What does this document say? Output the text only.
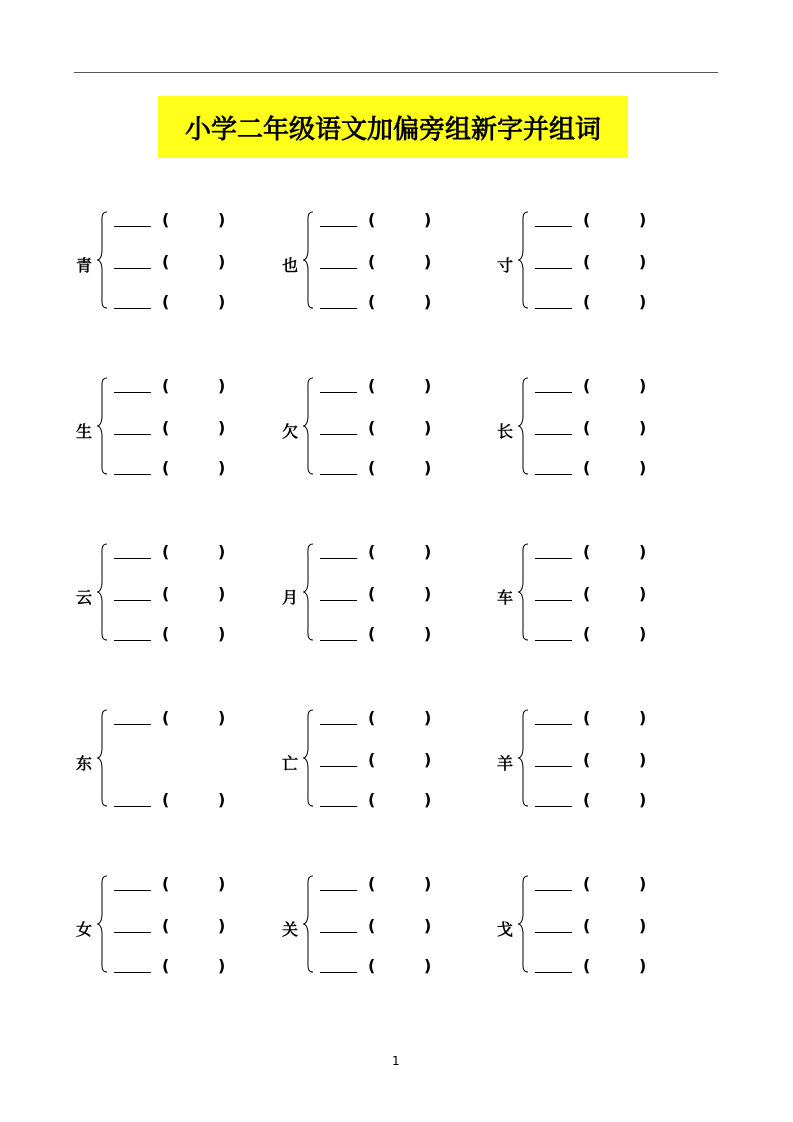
小学二年级语文加偏旁组新字并组词
青
(	)
(	)
(	)
也
(	)
(	)
(	)
寸
(	)
(	)
(	)
生
(	)
(	)
(	)
欠
(	)
(	)
(	)
长
(	)
(	)
(	)
云
(	)
(	)
(	)
月
(	)
(	)
(	)
车
(	)
(	)
(	)
东
(	)
(	)
亡
(	)
(	)
(	)
羊
(	)
(	)
(	)
女
(	)
(	)
(	)
关
(	)
(	)
(	)
戈
(	)
(	)
(	)
1
